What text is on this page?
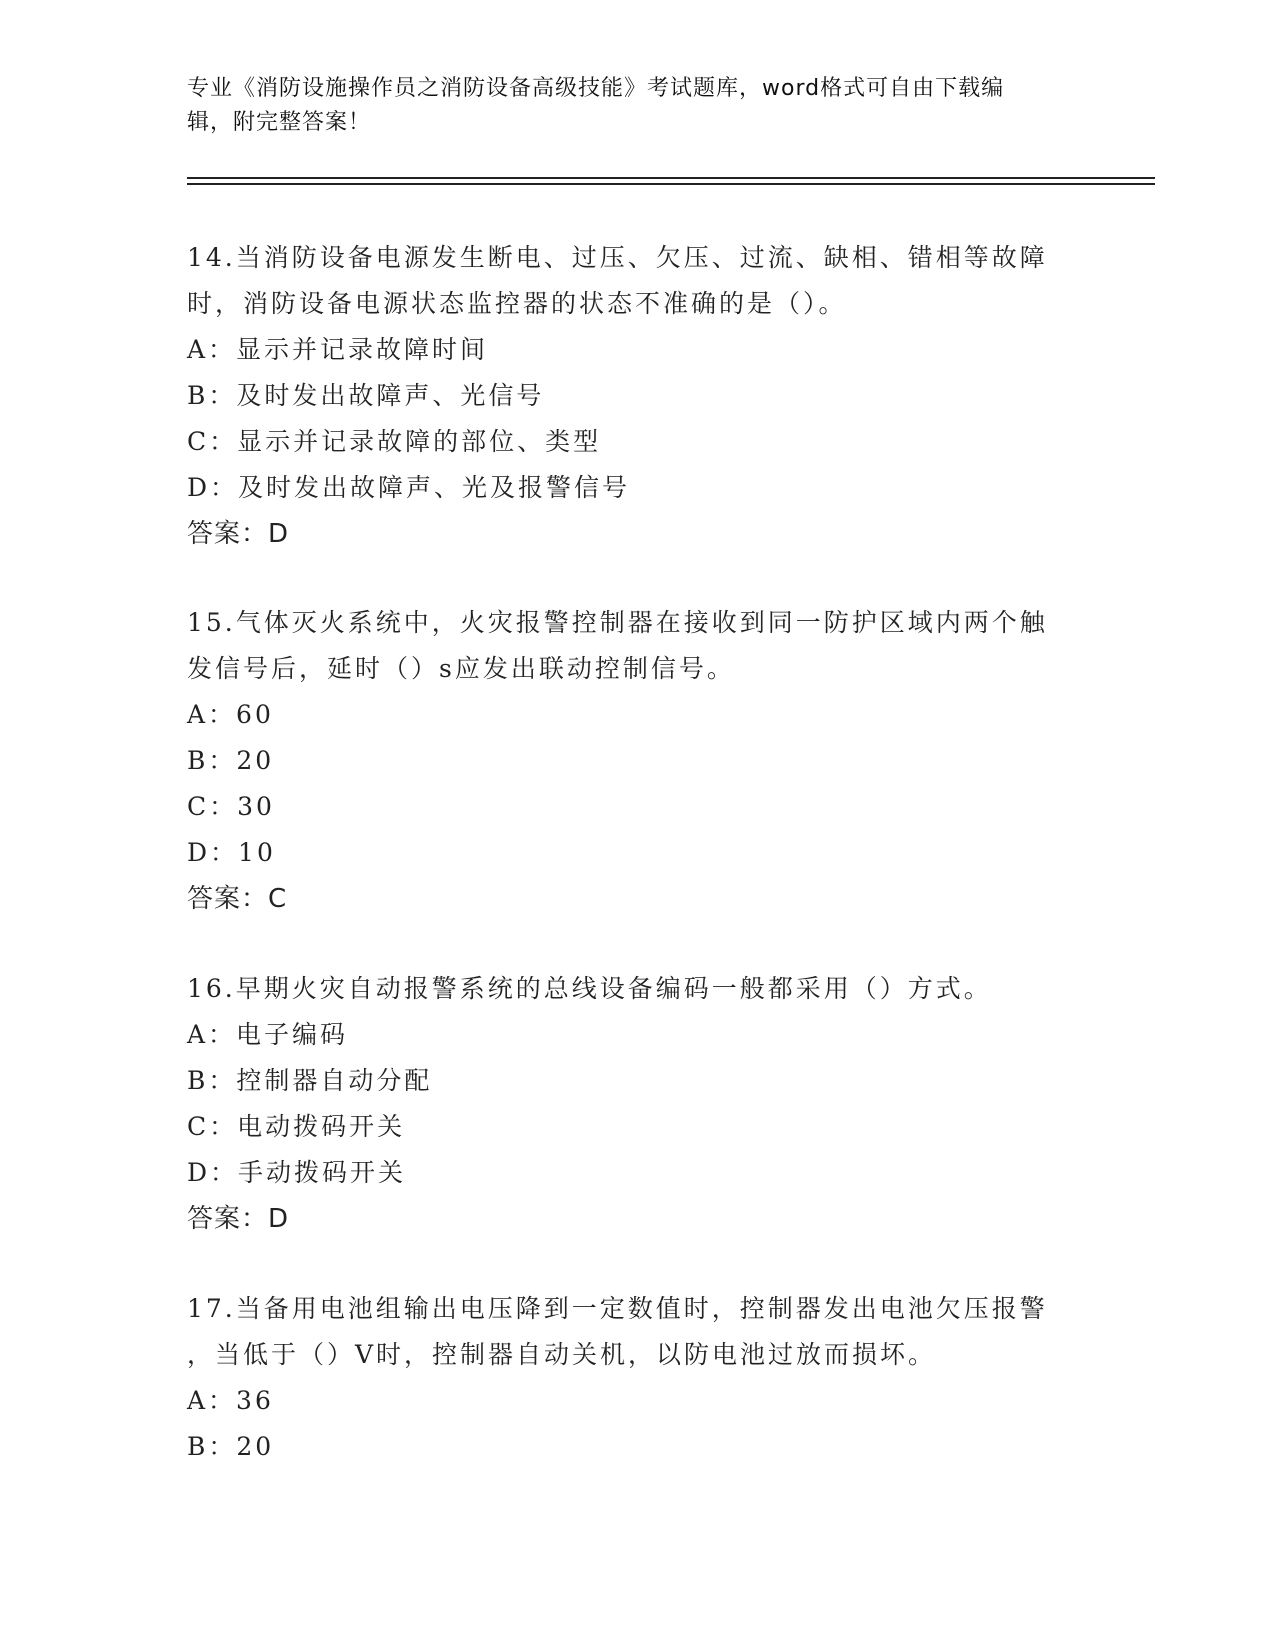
专业《消防设施操作员之消防设备高级技能》考试题库，word格式可自由下载编
辑，附完整答案！
14.当消防设备电源发生断电、过压、欠压、过流、缺相、错相等故障
时，消防设备电源状态监控器的状态不准确的是（）。
A：显示并记录故障时间
B：及时发出故障声、光信号
C：显示并记录故障的部位、类型
D：及时发出故障声、光及报警信号
答案：D
15.气体灭火系统中，火灾报警控制器在接收到同一防护区域内两个触
发信号后，延时（）s应发出联动控制信号。
A：60
B：20
C：30
D：10
答案：C
16.早期火灾自动报警系统的总线设备编码一般都采用（）方式。
A：电子编码
B：控制器自动分配
C：电动拨码开关
D：手动拨码开关
答案：D
17.当备用电池组输出电压降到一定数值时，控制器发出电池欠压报警
，当低于（）V时，控制器自动关机，以防电池过放而损坏。
A：36
B：20
